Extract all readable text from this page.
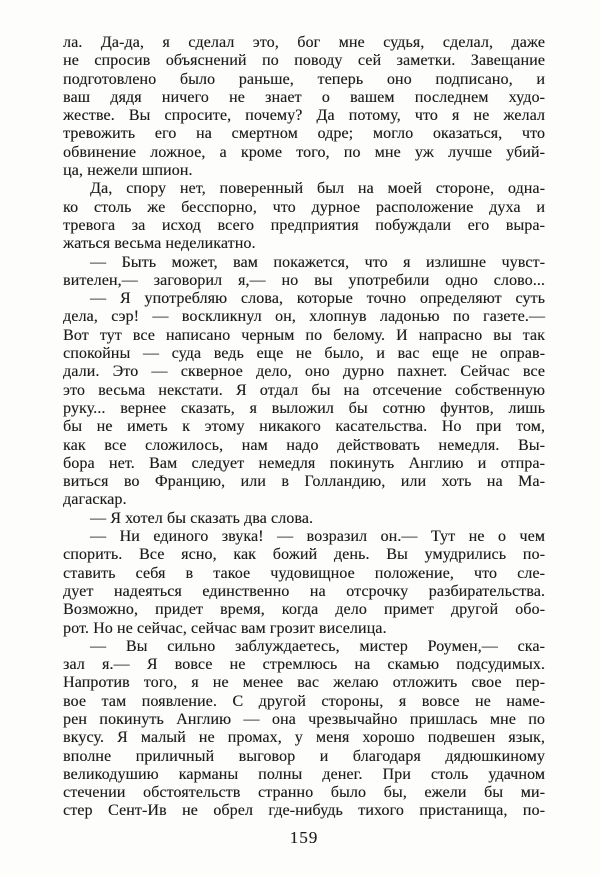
ла. Да-да, я сделал это, бог мне судья, сделал, даже
не спросив объяснений по поводу сей заметки. Завещание
подготовлено было раньше, теперь оно подписано, и
ваш дядя ничего не знает о вашем последнем худо-
жестве. Вы спросите, почему? Да потому, что я не желал
тревожить его на смертном одре; могло оказаться, что
обвинение ложное, а кроме того, по мне уж лучше убий-
ца, нежели шпион.

Да, спору нет, поверенный был на моей стороне, одна-
ко столь же бесспорно, что дурное расположение духа и
тревога за исход всего предприятия побуждали его выра-
жаться весьма неделикатно.

— Быть может, вам покажется, что я излишне чувст-
вителен,— заговорил я,— но вы употребили одно слово...

— Я употребляю слова, которые точно определяют суть
дела, сэр! — воскликнул он, хлопнув ладонью по газете.—
Вот тут все написано черным по белому. И напрасно вы так
спокойны — суда ведь еще не было, и вас еще не оправ-
дали. Это — скверное дело, оно дурно пахнет. Сейчас все
это весьма некстати. Я отдал бы на отсечение собственную
руку... вернее сказать, я выложил бы сотню фунтов, лишь
бы не иметь к этому никакого касательства. Но при том,
как все сложилось, нам надо действовать немедля. Вы-
бора нет. Вам следует немедля покинуть Англию и отпра-
виться во Францию, или в Голландию, или хоть на Ма-
дагаскар.

— Я хотел бы сказать два слова.

— Ни единого звука! — возразил он.— Тут не о чем
спорить. Все ясно, как божий день. Вы умудрились по-
ставить себя в такое чудовищное положение, что сле-
дует надеяться единственно на отсрочку разбирательства.
Возможно, придет время, когда дело примет другой обо-
рот. Но не сейчас, сейчас вам грозит виселица.

— Вы сильно заблуждаетесь, мистер Роумен,— ска-
зал я.— Я вовсе не стремлюсь на скамью подсудимых.
Напротив того, я не менее вас желаю отложить свое пер-
вое там появление. С другой стороны, я вовсе не наме-
рен покинуть Англию — она чрезвычайно пришлась мне по
вкусу. Я малый не промах, у меня хорошо подвешен язык,
вполне приличный выговор и благодаря дядюшкиному
великодушию карманы полны денег. При столь удачном
стечении обстоятельств странно было бы, ежели бы ми-
стер Сент-Ив не обрел где-нибудь тихого пристанища, по-

159
